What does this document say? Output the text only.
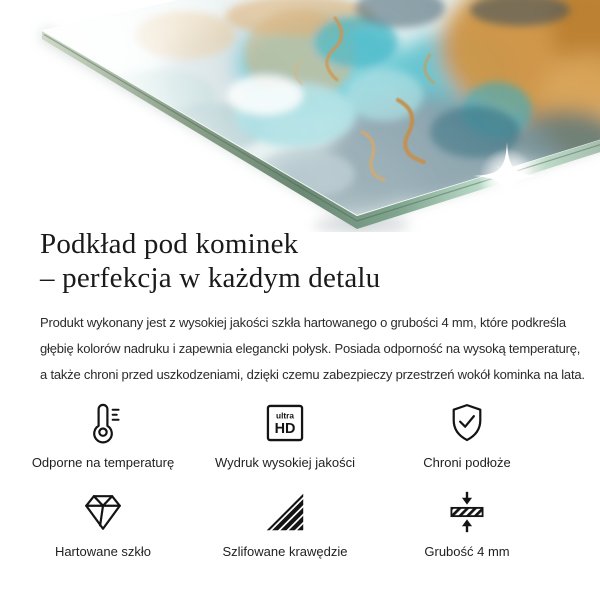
Podkład pod kominek
– perfekcja w każdym detalu
Produkt wykonany jest z wysokiej jakości szkła hartowanego o grubości 4 mm, które podkreśla
głębię kolorów nadruku i zapewnia elegancki połysk. Posiada odporność na wysoką temperaturę,
a także chroni przed uszkodzeniami, dzięki czemu zabezpieczy przestrzeń wokół kominka na lata.
Odporne na temperaturę
ultra
HD
Wydruk wysokiej jakości	Chroni podłoże
Hartowane szkło	Szlifowane krawędzie	Grubość 4 mm
